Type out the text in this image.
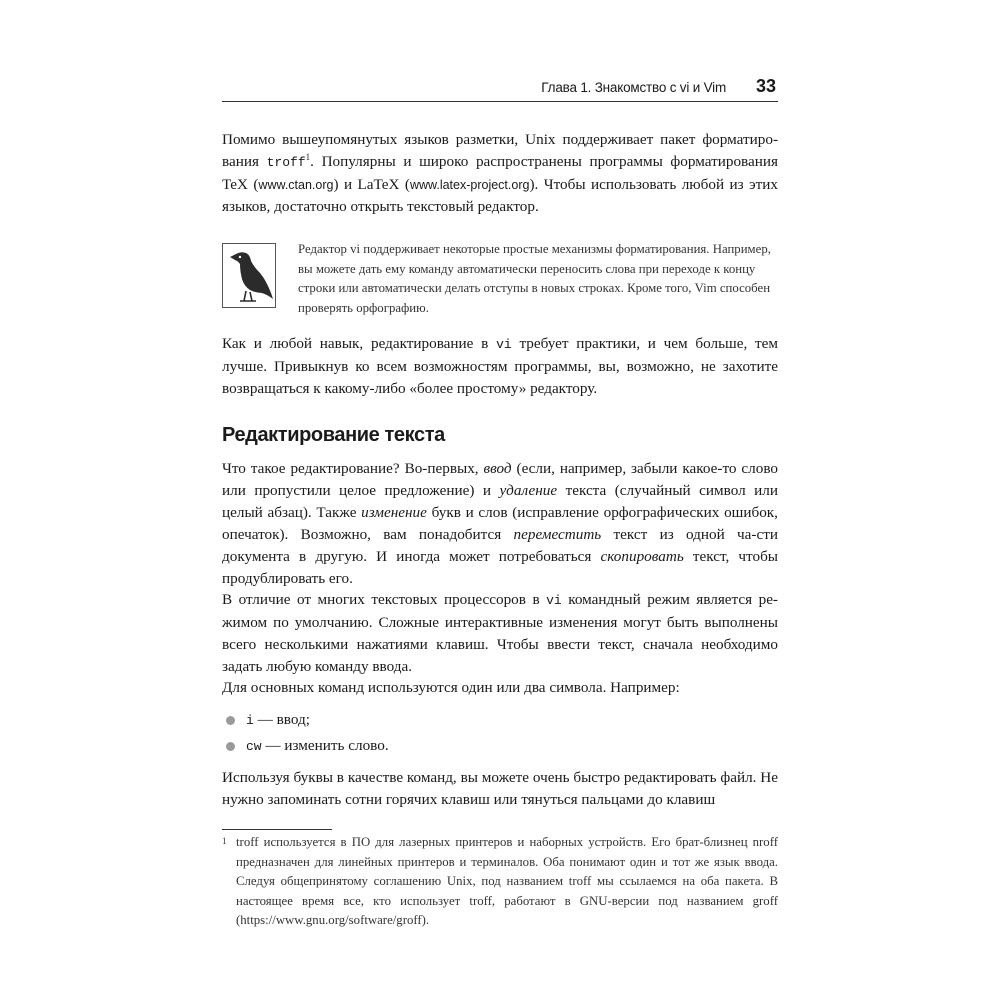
Глава 1. Знакомство с vi и Vim 33

Помимо вышеупомянутых языков разметки, Unix поддерживает пакет форматиро-вания troff$^1$. Популярны и широко распространены программы форматирования TeX (www.ctan.org) и LaTeX (www.latex-project.org). Чтобы использовать любой из этих языков, достаточно открыть текстовый редактор.

Редактор vi поддерживает некоторые простые механизмы форматирования. Например, вы можете дать ему команду автоматически переносить слова при переходе к концу строки или автоматически делать отступы в новых строках. Кроме того, Vim способен проверять орфографию.

Как и любой навык, редактирование в vi требует практики, и чем больше, тем лучше. Привыкнув ко всем возможностям программы, вы, возможно, не захотите возвращаться к какому-либо «более простому» редактору.

Редактирование текста

Что такое редактирование? Во-первых, ввод (если, например, забыли какое-то слово или пропустили целое предложение) и удаление текста (случайный символ или целый абзац). Также изменение букв и слов (исправление орфографических ошибок, опечаток). Возможно, вам понадобится переместить текст из одной ча-сти документа в другую. И иногда может потребоваться скопировать текст, чтобы продублировать его.

В отличие от многих текстовых процессоров в vi командный режим является ре-жимом по умолчанию. Сложные интерактивные изменения могут быть выполнены всего несколькими нажатиями клавиш. Чтобы ввести текст, сначала необходимо задать любую команду ввода.

Для основных команд используются один или два символа. Например:

i — ввод;
cw — изменить слово.

Используя буквы в качестве команд, вы можете очень быстро редактировать файл. Не нужно запоминать сотни горячих клавиш или тянуться пальцами до клавиш

1 troff используется в ПО для лазерных принтеров и наборных устройств. Его брат-близнец nroff предназначен для линейных принтеров и терминалов. Оба понимают один и тот же язык ввода. Следуя общепринятому соглашению Unix, под названием troff мы ссылаемся на оба пакета. В настоящее время все, кто использует troff, работают в GNU-версии под названием groff (https://www.gnu.org/software/groff).
